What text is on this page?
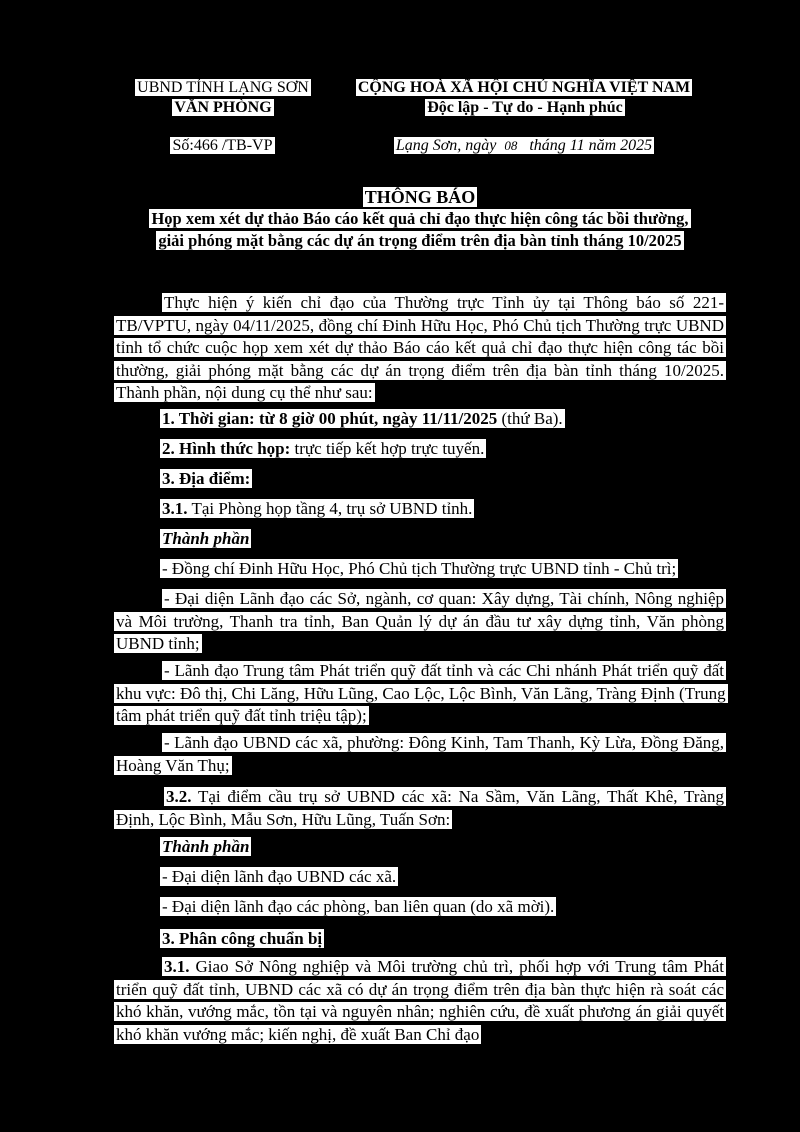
UBND TỈNH LẠNG SƠN
VĂN PHÒNG
Số:466 /TB-VP
CỘNG HOÀ XÃ HỘI CHỦ NGHĨA VIỆT NAM
Độc lập - Tự do - Hạnh phúc
Lạng Sơn, ngày 08 tháng 11 năm 2025
THÔNG BÁO
Họp xem xét dự thảo Báo cáo kết quả chỉ đạo thực hiện công tác bồi thường,
giải phóng mặt bằng các dự án trọng điểm trên địa bàn tỉnh tháng 10/2025
Thực hiện ý kiến chỉ đạo của Thường trực Tỉnh ủy tại Thông báo số 221-TB/VPTU, ngày 04/11/2025, đồng chí Đinh Hữu Học, Phó Chủ tịch Thường trực UBND tỉnh tổ chức cuộc họp xem xét dự thảo Báo cáo kết quả chỉ đạo thực hiện công tác bồi thường, giải phóng mặt bằng các dự án trọng điểm trên địa bàn tỉnh tháng 10/2025. Thành phần, nội dung cụ thể như sau:
1. Thời gian: từ 8 giờ 00 phút, ngày 11/11/2025 (thứ Ba).
2. Hình thức họp: trực tiếp kết hợp trực tuyến.
3. Địa điểm:
3.1. Tại Phòng họp tầng 4, trụ sở UBND tỉnh.
Thành phần
- Đồng chí Đinh Hữu Học, Phó Chủ tịch Thường trực UBND tỉnh - Chủ trì;
- Đại diện Lãnh đạo các Sở, ngành, cơ quan: Xây dựng, Tài chính, Nông nghiệp và Môi trường, Thanh tra tỉnh, Ban Quản lý dự án đầu tư xây dựng tỉnh, Văn phòng UBND tỉnh;
- Lãnh đạo Trung tâm Phát triển quỹ đất tỉnh và các Chi nhánh Phát triển quỹ đất khu vực: Đô thị, Chi Lăng, Hữu Lũng, Cao Lộc, Lộc Bình, Văn Lãng, Tràng Định (Trung tâm phát triển quỹ đất tỉnh triệu tập);
- Lãnh đạo UBND các xã, phường: Đông Kinh, Tam Thanh, Kỳ Lừa, Đồng Đăng, Hoàng Văn Thụ;
3.2. Tại điểm cầu trụ sở UBND các xã: Na Sầm, Văn Lãng, Thất Khê, Tràng Định, Lộc Bình, Mẫu Sơn, Hữu Lũng, Tuấn Sơn:
Thành phần
- Đại diện lãnh đạo UBND các xã.
- Đại diện lãnh đạo các phòng, ban liên quan (do xã mời).
3. Phân công chuẩn bị
3.1. Giao Sở Nông nghiệp và Môi trường chủ trì, phối hợp với Trung tâm Phát triển quỹ đất tỉnh, UBND các xã có dự án trọng điểm trên địa bàn thực hiện rà soát các khó khăn, vướng mắc, tồn tại và nguyên nhân; nghiên cứu, đề xuất phương án giải quyết khó khăn vướng mắc; kiến nghị, đề xuất Ban Chỉ đạo
